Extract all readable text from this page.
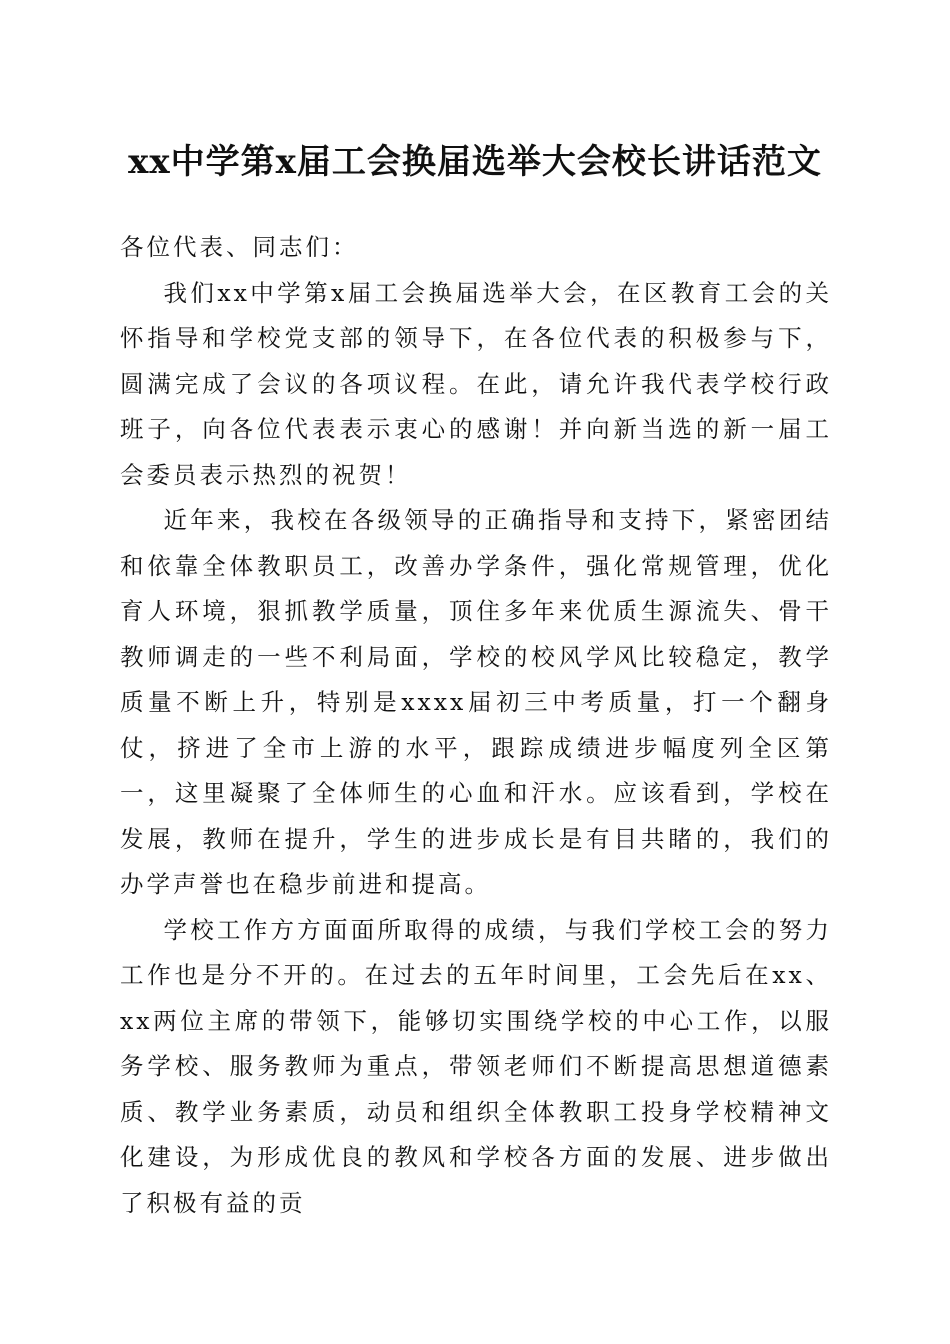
xx中学第x届工会换届选举大会校长讲话范文

各位代表、同志们：

我们xx中学第x届工会换届选举大会，在区教育工会的关怀指导和学校党支部的领导下，在各位代表的积极参与下，圆满完成了会议的各项议程。在此，请允许我代表学校行政班子，向各位代表表示衷心的感谢！并向新当选的新一届工会委员表示热烈的祝贺！

近年来，我校在各级领导的正确指导和支持下，紧密团结和依靠全体教职员工，改善办学条件，强化常规管理，优化育人环境，狠抓教学质量，顶住多年来优质生源流失、骨干教师调走的一些不利局面，学校的校风学风比较稳定，教学质量不断上升，特别是xxxx届初三中考质量，打一个翻身仗，挤进了全市上游的水平，跟踪成绩进步幅度列全区第一，这里凝聚了全体师生的心血和汗水。应该看到，学校在发展，教师在提升，学生的进步成长是有目共睹的，我们的办学声誉也在稳步前进和提高。

学校工作方方面面所取得的成绩，与我们学校工会的努力工作也是分不开的。在过去的五年时间里，工会先后在xx、xx两位主席的带领下，能够切实围绕学校的中心工作，以服务学校、服务教师为重点，带领老师们不断提高思想道德素质、教学业务素质，动员和组织全体教职工投身学校精神文化建设，为形成优良的教风和学校各方面的发展、进步做出了积极有益的贡
